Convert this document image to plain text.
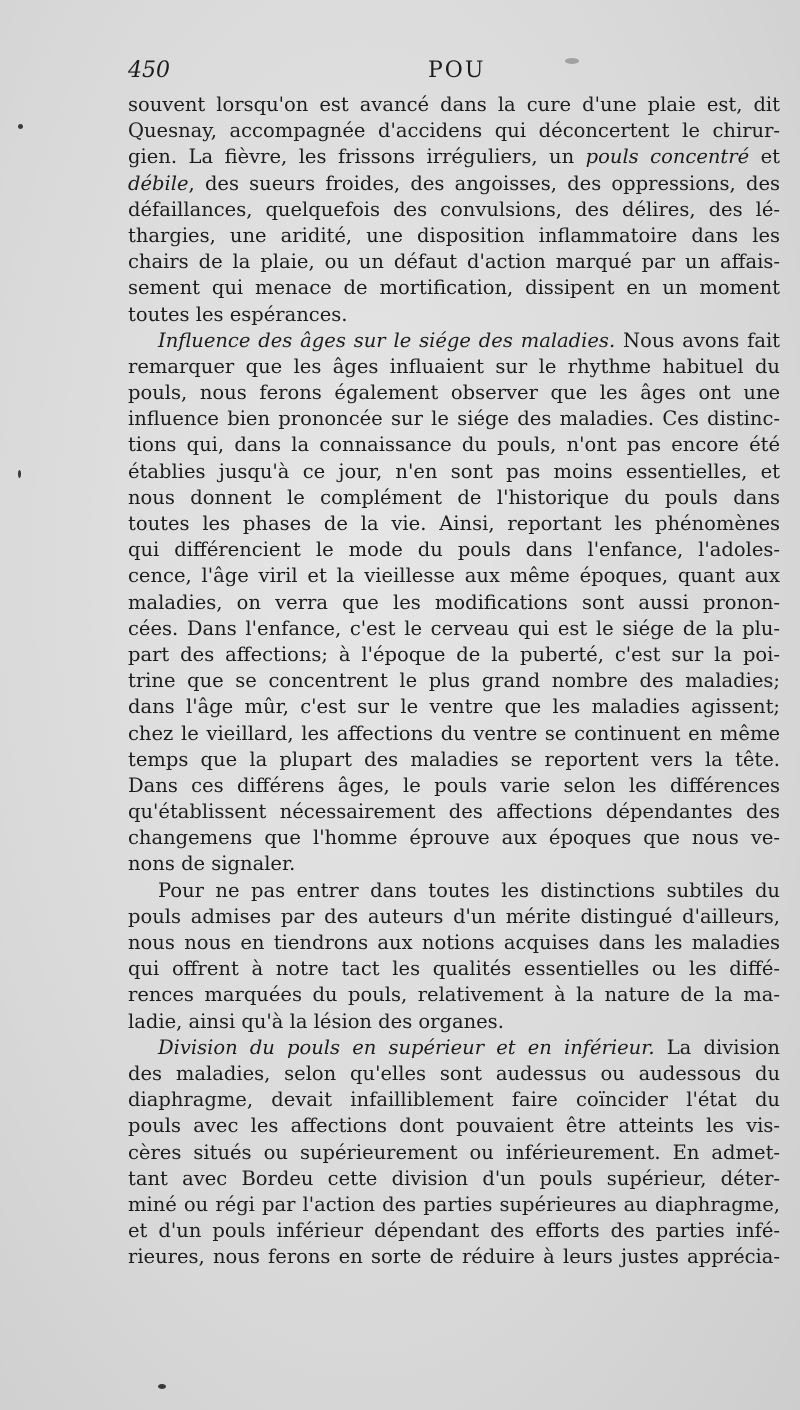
450	POU
souvent lorsqu'on est avancé dans la cure d'une plaie est, dit
Quesnay, accompagnée d'accidens qui déconcertent le chirur-
gien. La fièvre, les frissons irréguliers, un pouls concentré et
débile, des sueurs froides, des angoisses, des oppressions, des
défaillances, quelquefois des convulsions, des délires, des lé-
thargies, une aridité, une disposition inflammatoire dans les
chairs de la plaie, ou un défaut d'action marqué par un affais-
sement qui menace de mortification, dissipent en un moment
toutes les espérances.
Influence des âges sur le siége des maladies. Nous avons fait
remarquer que les âges influaient sur le rhythme habituel du
pouls, nous ferons également observer que les âges ont une
influence bien prononcée sur le siége des maladies. Ces distinc-
tions qui, dans la connaissance du pouls, n'ont pas encore été
établies jusqu'à ce jour, n'en sont pas moins essentielles, et
nous donnent le complément de l'historique du pouls dans
toutes les phases de la vie. Ainsi, reportant les phénomènes
qui différencient le mode du pouls dans l'enfance, l'adoles-
cence, l'âge viril et la vieillesse aux même époques, quant aux
maladies, on verra que les modifications sont aussi pronon-
cées. Dans l'enfance, c'est le cerveau qui est le siége de la plu-
part des affections; à l'époque de la puberté, c'est sur la poi-
trine que se concentrent le plus grand nombre des maladies;
dans l'âge mûr, c'est sur le ventre que les maladies agissent;
chez le vieillard, les affections du ventre se continuent en même
temps que la plupart des maladies se reportent vers la tête.
Dans ces différens âges, le pouls varie selon les différences
qu'établissent nécessairement des affections dépendantes des
changemens que l'homme éprouve aux époques que nous ve-
nons de signaler.
Pour ne pas entrer dans toutes les distinctions subtiles du
pouls admises par des auteurs d'un mérite distingué d'ailleurs,
nous nous en tiendrons aux notions acquises dans les maladies
qui offrent à notre tact les qualités essentielles ou les diffé-
rences marquées du pouls, relativement à la nature de la ma-
ladie, ainsi qu'à la lésion des organes.
Division du pouls en supérieur et en inférieur. La division
des maladies, selon qu'elles sont audessus ou audessous du
diaphragme, devait infailliblement faire coïncider l'état du
pouls avec les affections dont pouvaient être atteints les vis-
cères situés ou supérieurement ou inférieurement. En admet-
tant avec Bordeu cette division d'un pouls supérieur, déter-
miné ou régi par l'action des parties supérieures au diaphragme,
et d'un pouls inférieur dépendant des efforts des parties infé-
rieures, nous ferons en sorte de réduire à leurs justes apprécia-
